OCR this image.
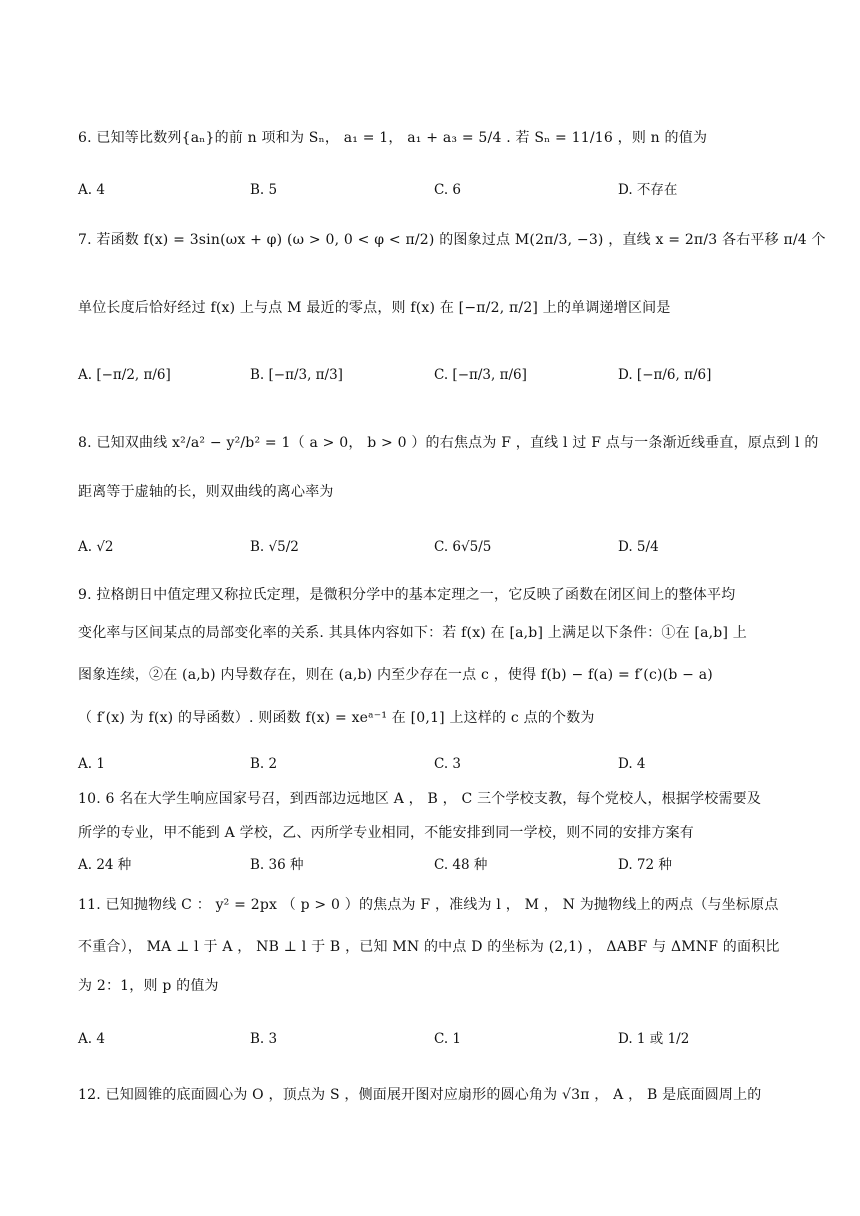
6. 已知等比数列{aₙ}的前 n 项和为 Sₙ， a₁ = 1， a₁ + a₃ = 5/4 . 若 Sₙ = 11/16 ，则 n 的值为
A. 4	B. 5	C. 6	D. 不存在
7. 若函数 f(x) = 3sin(ωx + φ) (ω > 0, 0 < φ < π/2) 的图象过点 M(2π/3, −3) ，直线 x = 2π/3 各右平移 π/4 个
单位长度后恰好经过 f(x) 上与点 M 最近的零点，则 f(x) 在 [−π/2, π/2] 上的单调递增区间是
A. [−π/2, π/6]	B. [−π/3, π/3]	C. [−π/3, π/6]	D. [−π/6, π/6]
8. 已知双曲线 x²/a² − y²/b² = 1（ a > 0， b > 0 ）的右焦点为 F ，直线 l 过 F 点与一条渐近线垂直，原点到 l 的
距离等于虚轴的长，则双曲线的离心率为
A. √2	B. √5/2	C. 6√5/5	D. 5/4
9. 拉格朗日中值定理又称拉氏定理，是微积分学中的基本定理之一，它反映了函数在闭区间上的整体平均
变化率与区间某点的局部变化率的关系. 其具体内容如下：若 f(x) 在 [a,b] 上满足以下条件：①在 [a,b] 上
图象连续，②在 (a,b) 内导数存在，则在 (a,b) 内至少存在一点 c ，使得 f(b) − f(a) = f′(c)(b − a)
（ f′(x) 为 f(x) 的导函数）. 则函数 f(x) = xeᵃ⁻¹ 在 [0,1] 上这样的 c 点的个数为
A. 1	B. 2	C. 3	D. 4
10. 6 名在大学生响应国家号召，到西部边远地区 A ， B ， C 三个学校支教，每个党校人，根据学校需要及
所学的专业，甲不能到 A 学校，乙、丙所学专业相同，不能安排到同一学校，则不同的安排方案有
A. 24 种	B. 36 种	C. 48 种	D. 72 种
11. 已知抛物线 C ： y² = 2px （ p > 0 ）的焦点为 F ，准线为 l ， M ， N 为抛物线上的两点（与坐标原点
不重合）， MA ⊥ l 于 A ， NB ⊥ l 于 B ，已知 MN 的中点 D 的坐标为 (2,1) ， ΔABF 与 ΔMNF 的面积比
为 2：1，则 p 的值为
A. 4	B. 3	C. 1	D. 1 或 1/2
12. 已知圆锥的底面圆心为 O ，顶点为 S ，侧面展开图对应扇形的圆心角为 √3π ， A ， B 是底面圆周上的
